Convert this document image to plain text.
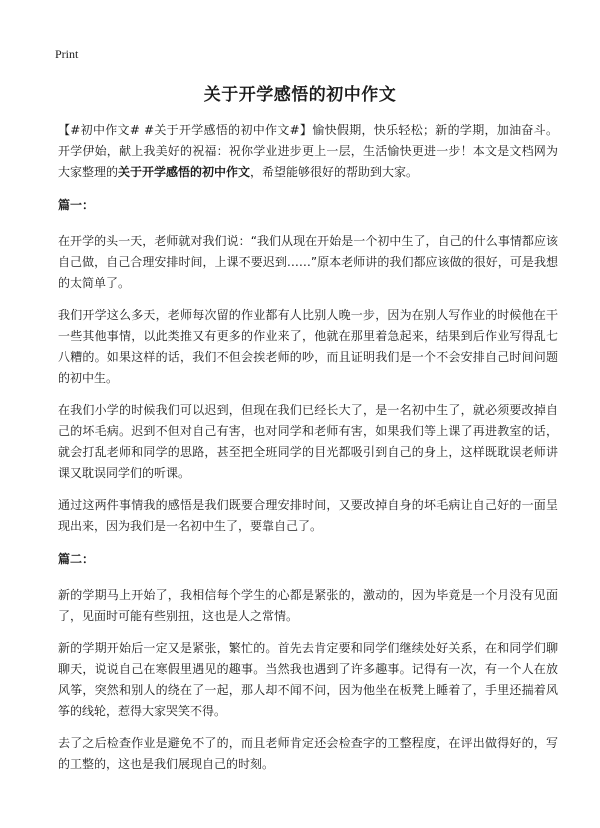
Print
关于开学感悟的初中作文

【#初中作文# #关于开学感悟的初中作文#】愉快假期，快乐轻松；新的学期，加油奋斗。开学伊始，献上我美好的祝福：祝你学业进步更上一层，生活愉快更进一步！本文是文档网为大家整理的关于开学感悟的初中作文，希望能够很好的帮助到大家。

篇一：

在开学的头一天，老师就对我们说：“我们从现在开始是一个初中生了，自己的什么事情都应该自己做，自己合理安排时间，上课不要迟到……”原本老师讲的我们都应该做的很好，可是我想的太简单了。

我们开学这么多天，老师每次留的作业都有人比别人晚一步，因为在别人写作业的时候他在干一些其他事情，以此类推又有更多的作业来了，他就在那里着急起来，结果到后作业写得乱七八糟的。如果这样的话，我们不但会挨老师的吵，而且证明我们是一个不会安排自己时间问题的初中生。

在我们小学的时候我们可以迟到，但现在我们已经长大了，是一名初中生了，就必须要改掉自己的坏毛病。迟到不但对自己有害，也对同学和老师有害，如果我们等上课了再进教室的话，就会打乱老师和同学的思路，甚至把全班同学的目光都吸引到自己的身上，这样既耽误老师讲课又耽误同学们的听课。

通过这两件事情我的感悟是我们既要合理安排时间，又要改掉自身的坏毛病让自己好的一面呈现出来，因为我们是一名初中生了，要靠自己了。

篇二：

新的学期马上开始了，我相信每个学生的心都是紧张的，激动的，因为毕竟是一个月没有见面了，见面时可能有些别扭，这也是人之常情。

新的学期开始后一定又是紧张，繁忙的。首先去肯定要和同学们继续处好关系，在和同学们聊聊天，说说自己在寒假里遇见的趣事。当然我也遇到了许多趣事。记得有一次，有一个人在放风筝，突然和别人的绕在了一起，那人却不闻不问，因为他坐在板凳上睡着了，手里还揣着风筝的线轮，惹得大家哭笑不得。

去了之后检查作业是避免不了的，而且老师肯定还会检查字的工整程度，在评出做得好的，写的工整的，这也是我们展现自己的时刻。
